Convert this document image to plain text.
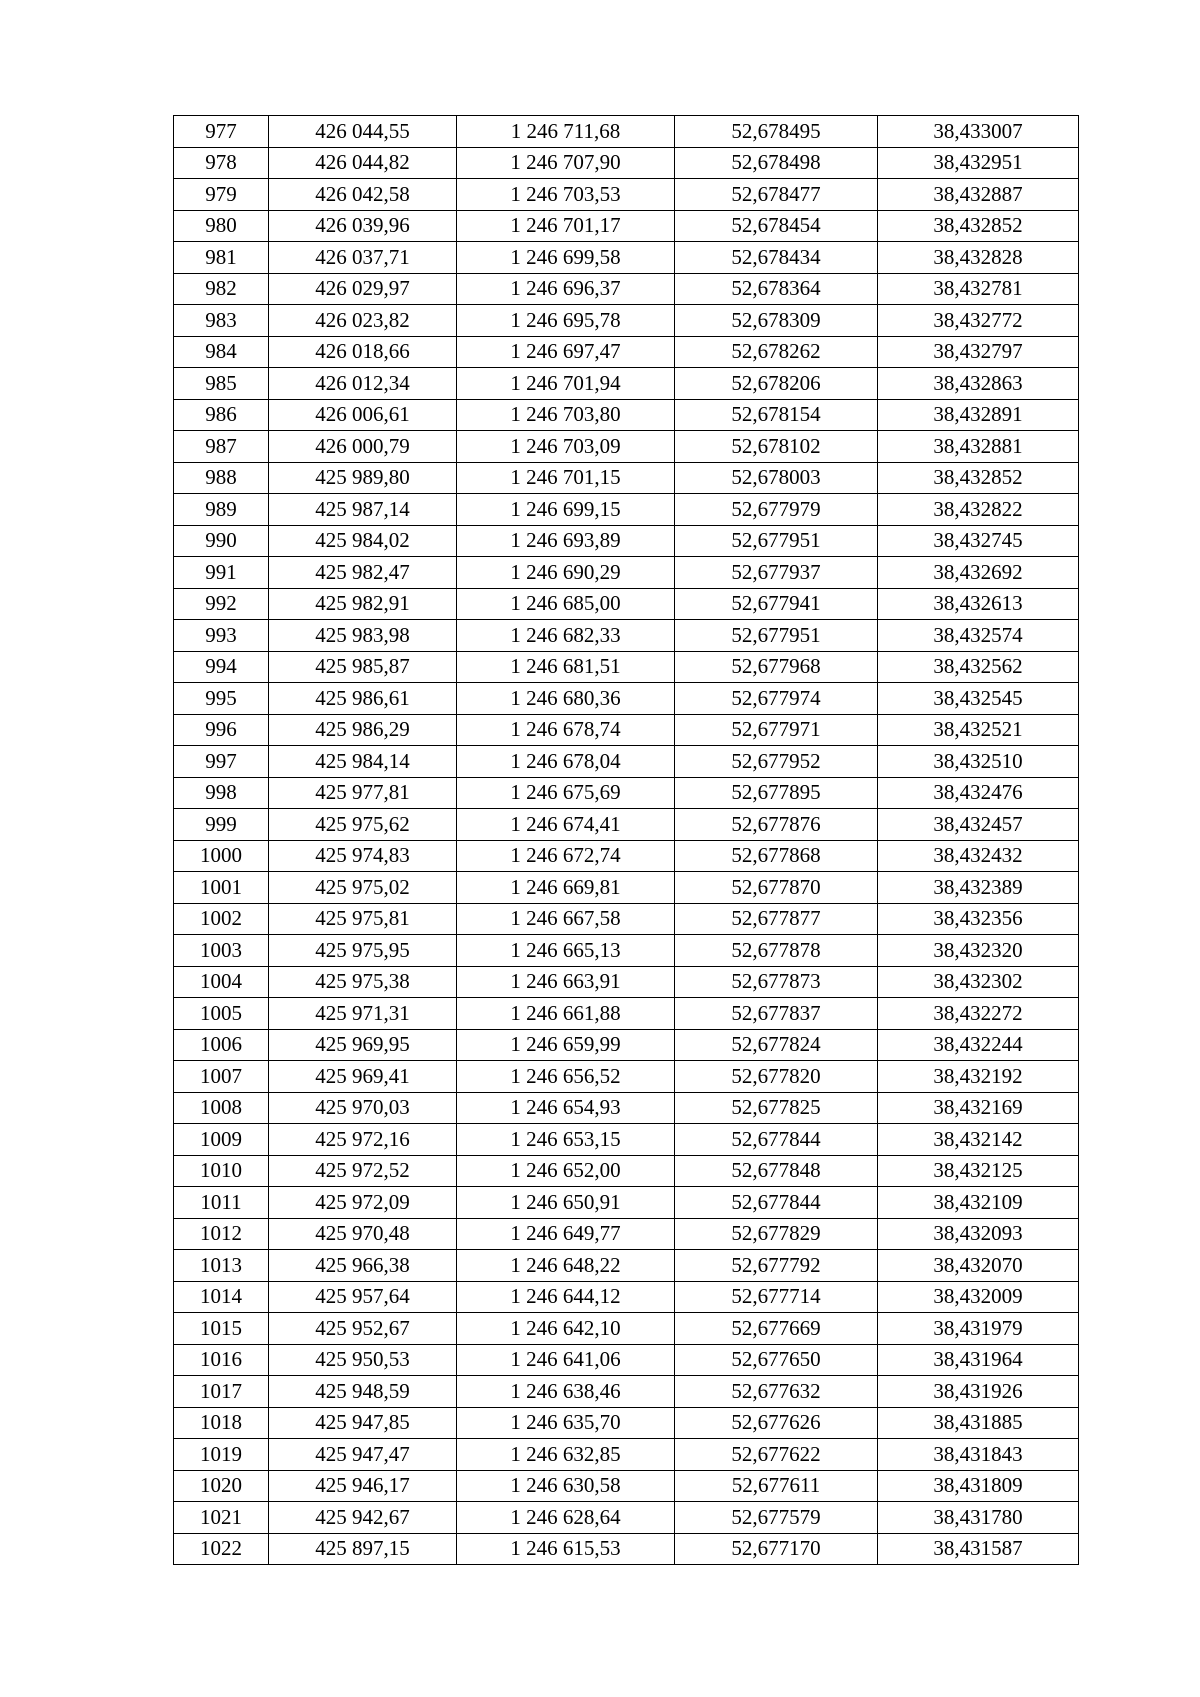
977	426 044,55	1 246 711,68	52,678495	38,433007
978	426 044,82	1 246 707,90	52,678498	38,432951
979	426 042,58	1 246 703,53	52,678477	38,432887
980	426 039,96	1 246 701,17	52,678454	38,432852
981	426 037,71	1 246 699,58	52,678434	38,432828
982	426 029,97	1 246 696,37	52,678364	38,432781
983	426 023,82	1 246 695,78	52,678309	38,432772
984	426 018,66	1 246 697,47	52,678262	38,432797
985	426 012,34	1 246 701,94	52,678206	38,432863
986	426 006,61	1 246 703,80	52,678154	38,432891
987	426 000,79	1 246 703,09	52,678102	38,432881
988	425 989,80	1 246 701,15	52,678003	38,432852
989	425 987,14	1 246 699,15	52,677979	38,432822
990	425 984,02	1 246 693,89	52,677951	38,432745
991	425 982,47	1 246 690,29	52,677937	38,432692
992	425 982,91	1 246 685,00	52,677941	38,432613
993	425 983,98	1 246 682,33	52,677951	38,432574
994	425 985,87	1 246 681,51	52,677968	38,432562
995	425 986,61	1 246 680,36	52,677974	38,432545
996	425 986,29	1 246 678,74	52,677971	38,432521
997	425 984,14	1 246 678,04	52,677952	38,432510
998	425 977,81	1 246 675,69	52,677895	38,432476
999	425 975,62	1 246 674,41	52,677876	38,432457
1000	425 974,83	1 246 672,74	52,677868	38,432432
1001	425 975,02	1 246 669,81	52,677870	38,432389
1002	425 975,81	1 246 667,58	52,677877	38,432356
1003	425 975,95	1 246 665,13	52,677878	38,432320
1004	425 975,38	1 246 663,91	52,677873	38,432302
1005	425 971,31	1 246 661,88	52,677837	38,432272
1006	425 969,95	1 246 659,99	52,677824	38,432244
1007	425 969,41	1 246 656,52	52,677820	38,432192
1008	425 970,03	1 246 654,93	52,677825	38,432169
1009	425 972,16	1 246 653,15	52,677844	38,432142
1010	425 972,52	1 246 652,00	52,677848	38,432125
1011	425 972,09	1 246 650,91	52,677844	38,432109
1012	425 970,48	1 246 649,77	52,677829	38,432093
1013	425 966,38	1 246 648,22	52,677792	38,432070
1014	425 957,64	1 246 644,12	52,677714	38,432009
1015	425 952,67	1 246 642,10	52,677669	38,431979
1016	425 950,53	1 246 641,06	52,677650	38,431964
1017	425 948,59	1 246 638,46	52,677632	38,431926
1018	425 947,85	1 246 635,70	52,677626	38,431885
1019	425 947,47	1 246 632,85	52,677622	38,431843
1020	425 946,17	1 246 630,58	52,677611	38,431809
1021	425 942,67	1 246 628,64	52,677579	38,431780
1022	425 897,15	1 246 615,53	52,677170	38,431587
